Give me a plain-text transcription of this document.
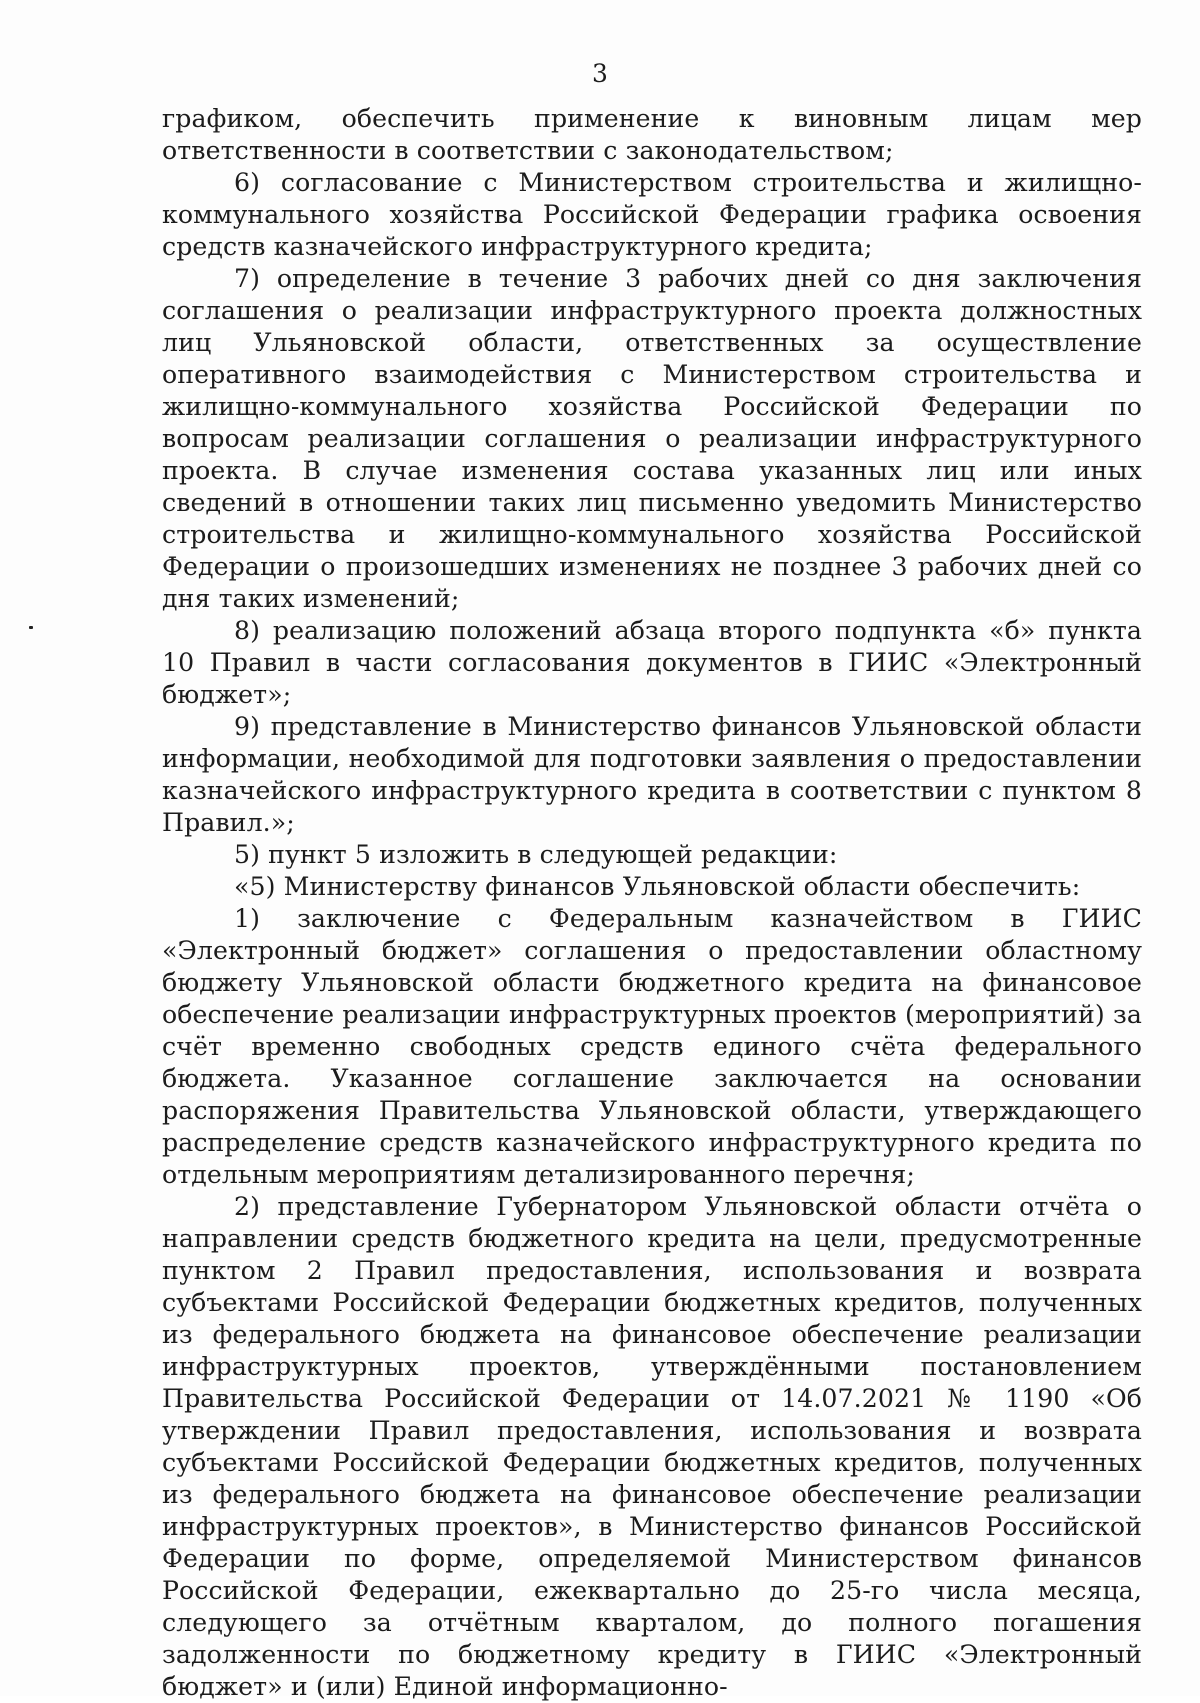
3

графиком, обеспечить применение к виновным лицам мер ответственности в соответствии с законодательством;

6) согласование с Министерством строительства и жилищно-коммунального хозяйства Российской Федерации графика освоения средств казначейского инфраструктурного кредита;

7) определение в течение 3 рабочих дней со дня заключения соглашения о реализации инфраструктурного проекта должностных лиц Ульяновской области, ответственных за осуществление оперативного взаимодействия с Министерством строительства и жилищно-коммунального хозяйства Российской Федерации по вопросам реализации соглашения о реализации инфраструктурного проекта. В случае изменения состава указанных лиц или иных сведений в отношении таких лиц письменно уведомить Министерство строительства и жилищно-коммунального хозяйства Российской Федерации о произошедших изменениях не позднее 3 рабочих дней со дня таких изменений;

8) реализацию положений абзаца второго подпункта «б» пункта 10 Правил в части согласования документов в ГИИС «Электронный бюджет»;

9) представление в Министерство финансов Ульяновской области информации, необходимой для подготовки заявления о предоставлении казначейского инфраструктурного кредита в соответствии с пунктом 8 Правил.»;

5) пункт 5 изложить в следующей редакции:

«5) Министерству финансов Ульяновской области обеспечить:

1) заключение с Федеральным казначейством в ГИИС «Электронный бюджет» соглашения о предоставлении областному бюджету Ульяновской области бюджетного кредита на финансовое обеспечение реализации инфраструктурных проектов (мероприятий) за счёт временно свободных средств единого счёта федерального бюджета. Указанное соглашение заключается на основании распоряжения Правительства Ульяновской области, утверждающего распределение средств казначейского инфраструктурного кредита по отдельным мероприятиям детализированного перечня;

2) представление Губернатором Ульяновской области отчёта о направлении средств бюджетного кредита на цели, предусмотренные пунктом 2 Правил предоставления, использования и возврата субъектами Российской Федерации бюджетных кредитов, полученных из федерального бюджета на финансовое обеспечение реализации инфраструктурных проектов, утверждёнными постановлением Правительства Российской Федерации от 14.07.2021 № 1190 «Об утверждении Правил предоставления, использования и возврата субъектами Российской Федерации бюджетных кредитов, полученных из федерального бюджета на финансовое обеспечение реализации инфраструктурных проектов», в Министерство финансов Российской Федерации по форме, определяемой Министерством финансов Российской Федерации, ежеквартально до 25-го числа месяца, следующего за отчётным кварталом, до полного погашения задолженности по бюджетному кредиту в ГИИС «Электронный бюджет» и (или) Единой информационно-
